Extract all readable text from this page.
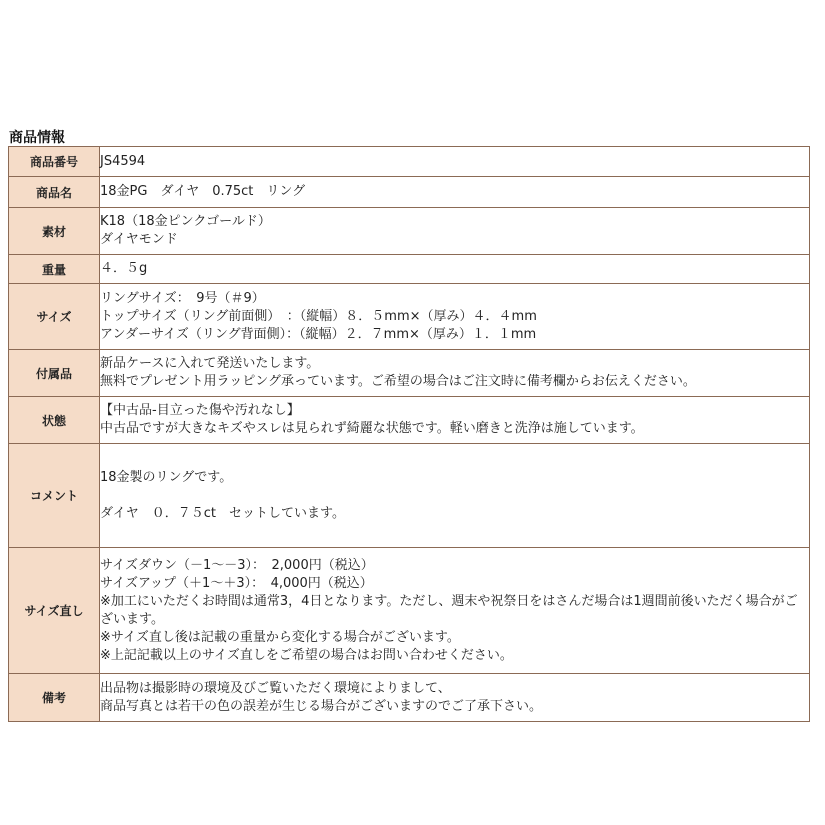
商品情報
商品番号	JS4594

商品名	18金PG　ダイヤ　0.75ct　リング

素材	K18（18金ピンクゴールド）
ダイヤモンド

重量	４．５g

サイズ	リングサイズ：　9号（＃9）
トップサイズ（リング前面側）　：（縦幅）８．５mm×（厚み）４．４mm
アンダーサイズ（リング背面側）：（縦幅）２．７mm×（厚み）１．１mm

付属品	新品ケースに入れて発送いたします。
無料でプレゼント用ラッピング承っています。ご希望の場合はご注文時に備考欄からお伝えください。

状態	【中古品-目立った傷や汚れなし】
中古品ですが大きなキズやスレは見られず綺麗な状態です。軽い磨きと洗浄は施しています。

コメント	18金製のリングです。
ダイヤ　０．７５ct　セットしています。

サイズ直し	サイズダウン（－1～－3）：　2,000円（税込）
サイズアップ（＋1～＋3）：　4,000円（税込）
※加工にいただくお時間は通常3，4日となります。ただし、週末や祝祭日をはさんだ場合は1週間前後いただく場合がございます。
※サイズ直し後は記載の重量から変化する場合がございます。
※上記記載以上のサイズ直しをご希望の場合はお問い合わせください。

備考	出品物は撮影時の環境及びご覧いただく環境によりまして、
商品写真とは若干の色の誤差が生じる場合がございますのでご了承下さい。
